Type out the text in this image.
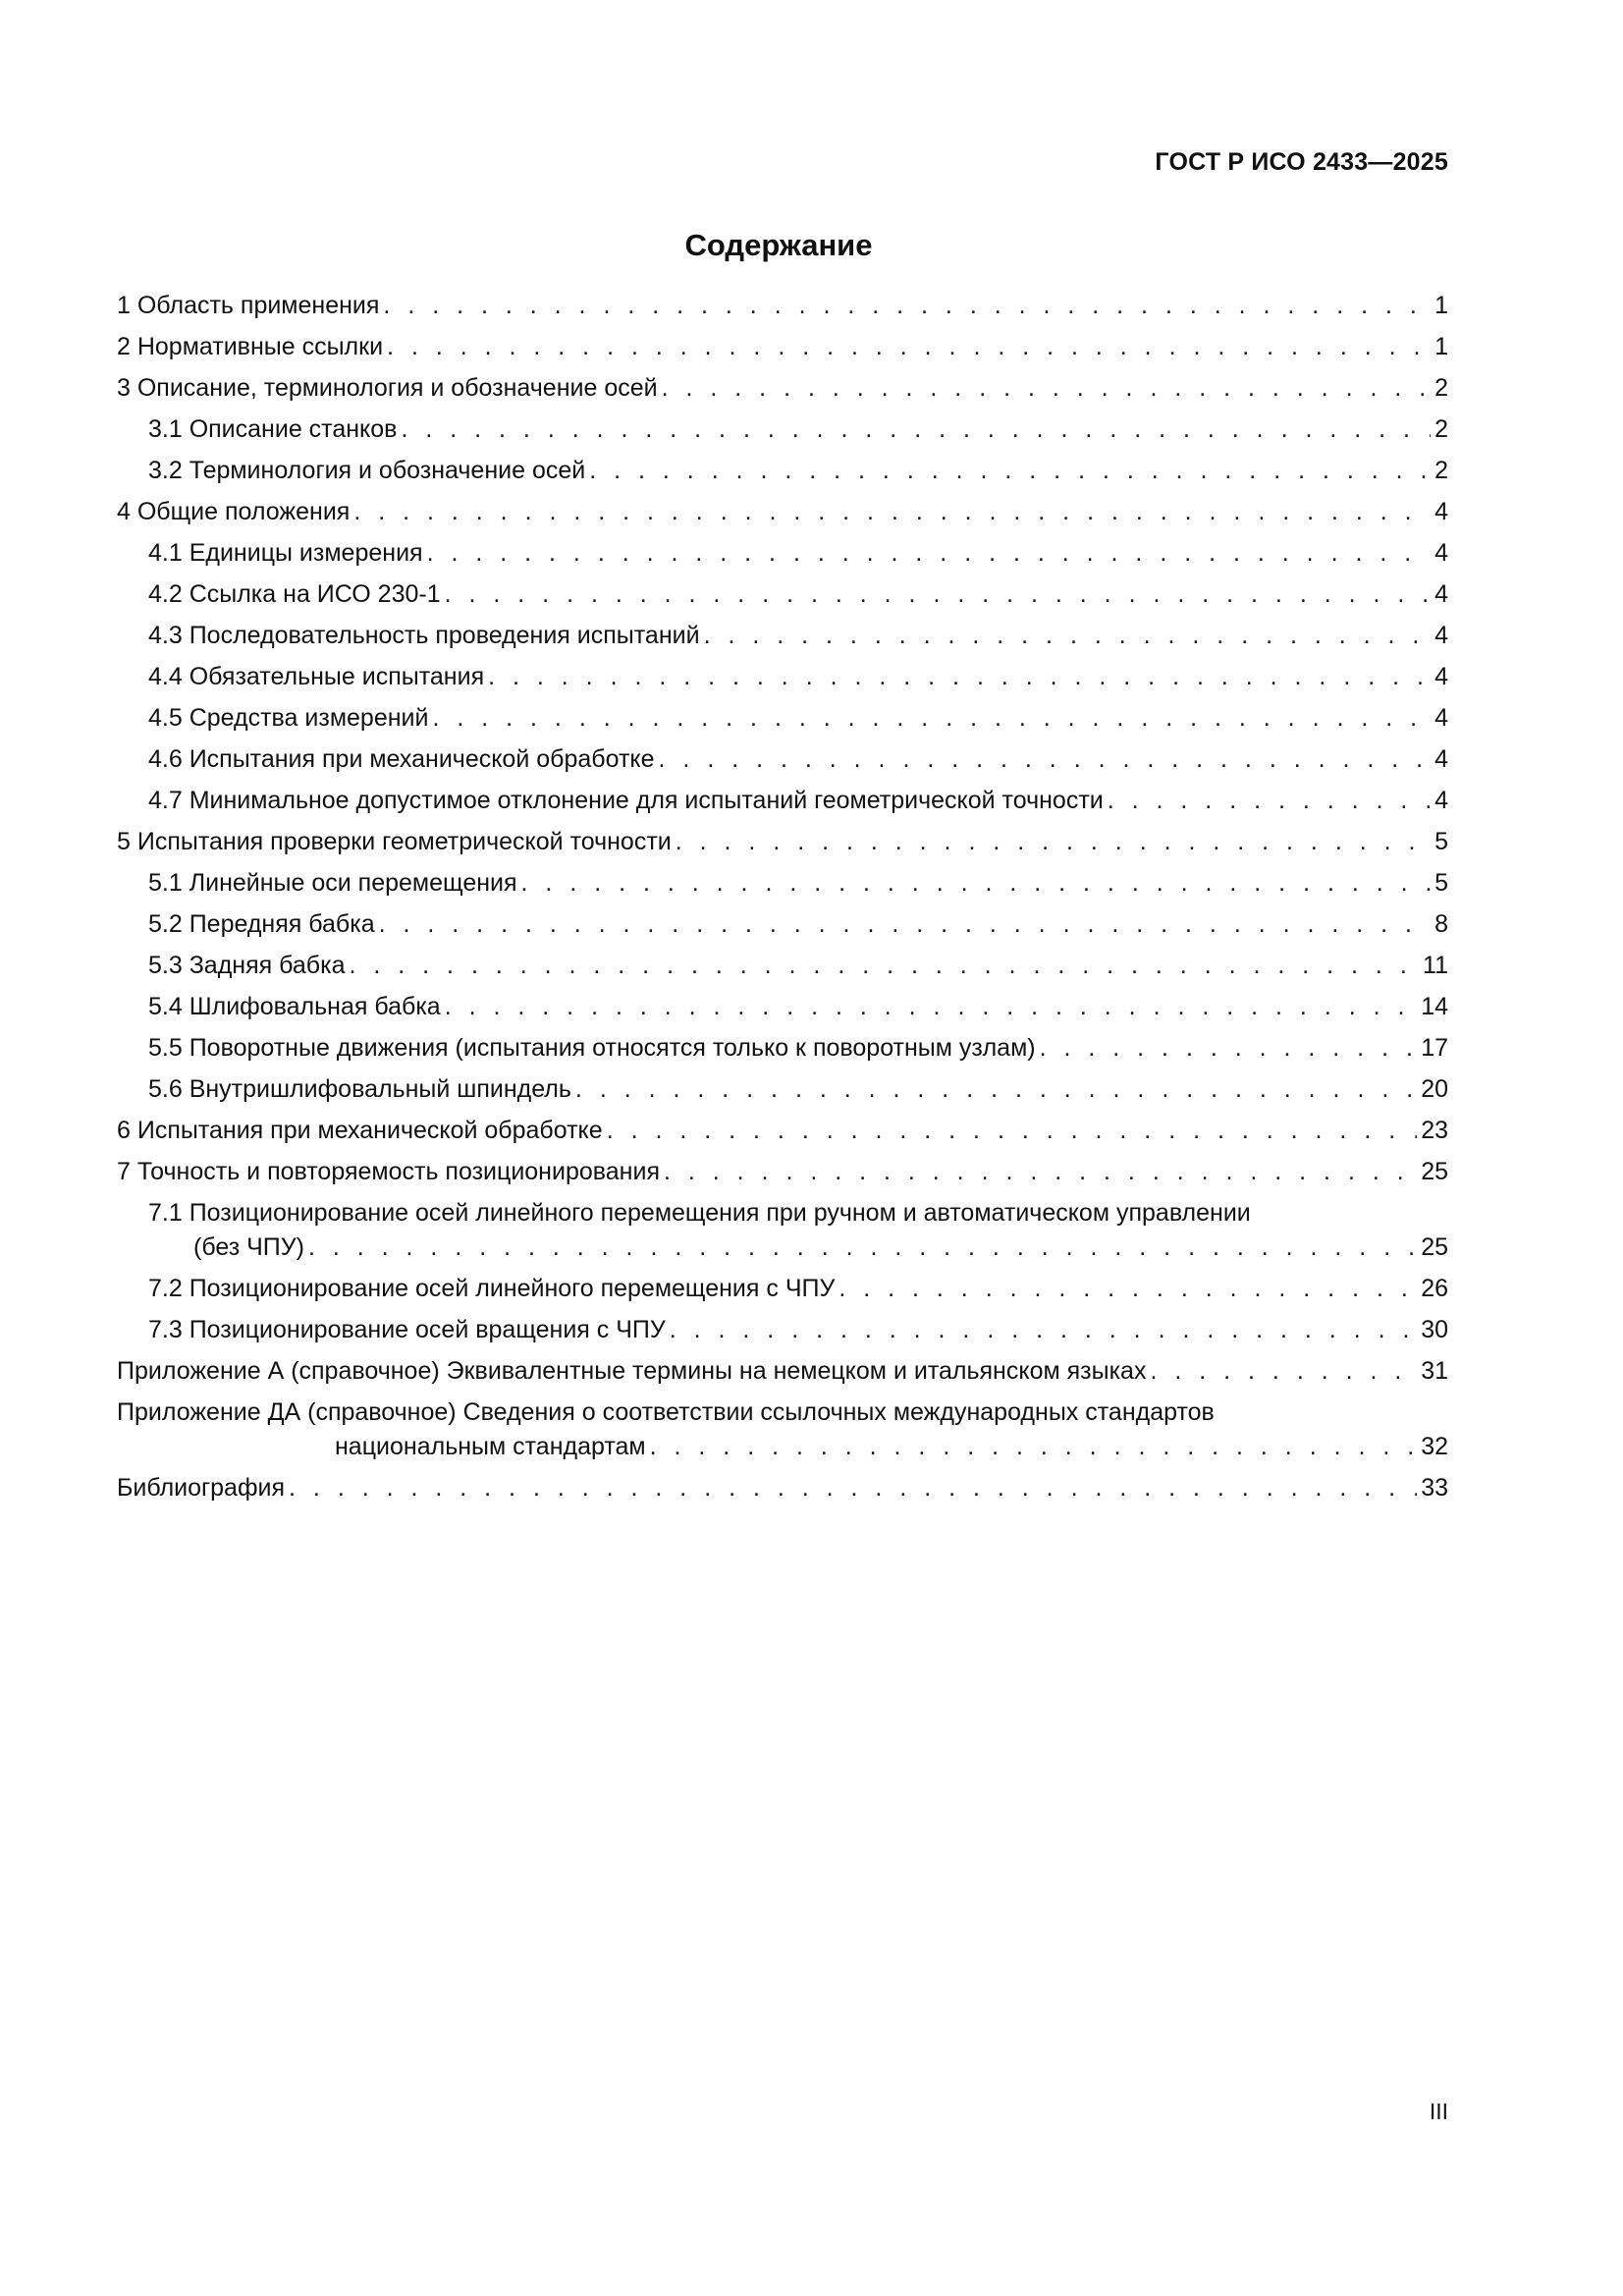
ГОСТ Р ИСО 2433—2025
Содержание
1 Область применения . . .	1
2 Нормативные ссылки . . .	1
3 Описание, терминология и обозначение осей . . .	2
3.1 Описание станков . . .	2
3.2 Терминология и обозначение осей . . .	2
4 Общие положения . . .	4
4.1 Единицы измерения . . .	4
4.2 Ссылка на ИСО 230-1 . . .	4
4.3 Последовательность проведения испытаний . . .	4
4.4 Обязательные испытания . . .	4
4.5 Средства измерений . . .	4
4.6 Испытания при механической обработке . . .	4
4.7 Минимальное допустимое отклонение для испытаний геометрической точности . . .	4
5 Испытания проверки геометрической точности . . .	5
5.1 Линейные оси перемещения . . .	5
5.2 Передняя бабка . . .	8
5.3 Задняя бабка . . .	11
5.4 Шлифовальная бабка . . .	14
5.5 Поворотные движения (испытания относятся только к поворотным узлам) . . .	17
5.6 Внутришлифовальный шпиндель . . .	20
6 Испытания при механической обработке . . .	23
7 Точность и повторяемость позиционирования . . .	25
7.1 Позиционирование осей линейного перемещения при ручном и автоматическом управлении
(без ЧПУ) . . .	25
7.2 Позиционирование осей линейного перемещения с ЧПУ . . .	26
7.3 Позиционирование осей вращения с ЧПУ . . .	30
Приложение А (справочное) Эквивалентные термины на немецком и итальянском языках . . .	31
Приложение ДА (справочное) Сведения о соответствии ссылочных международных стандартов
национальным стандартам . . .	32
Библиография . . .	33
III
